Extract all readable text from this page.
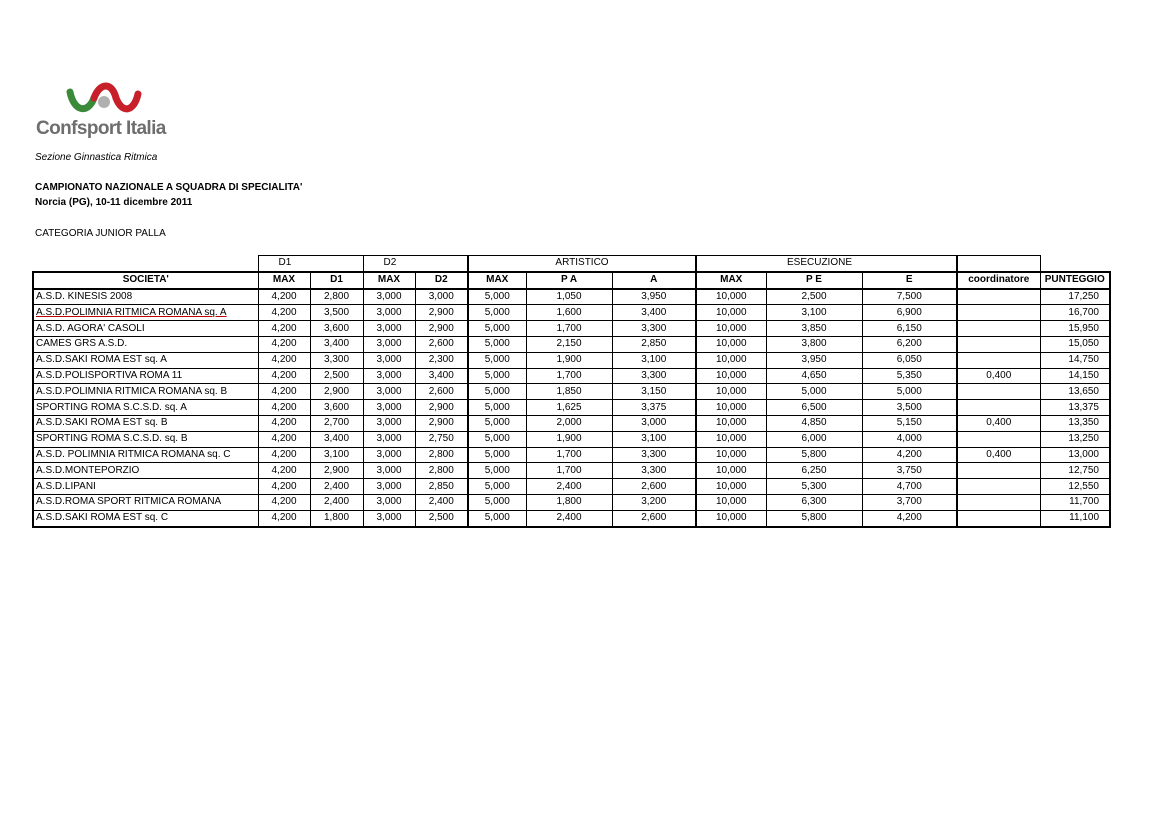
Confsport Italia
Sezione Ginnastica Ritmica
CAMPIONATO NAZIONALE A SQUADRA DI SPECIALITA'
Norcia (PG), 10-11 dicembre 2011
CATEGORIA JUNIOR PALLA
	D1		D2		ARTISTICO			ESECUZIONE				
SOCIETA'	MAX	D1	MAX	D2	MAX	P A	A	MAX	P E	E	coordinatore	PUNTEGGIO
A.S.D. KINESIS 2008	4,200	2,800	3,000	3,000	5,000	1,050	3,950	10,000	2,500	7,500		17,250
A.S.D.POLIMNIA RITMICA ROMANA sq. A	4,200	3,500	3,000	2,900	5,000	1,600	3,400	10,000	3,100	6,900		16,700
A.S.D. AGORA' CASOLI	4,200	3,600	3,000	2,900	5,000	1,700	3,300	10,000	3,850	6,150		15,950
CAMES GRS A.S.D.	4,200	3,400	3,000	2,600	5,000	2,150	2,850	10,000	3,800	6,200		15,050
A.S.D.SAKI ROMA EST sq. A	4,200	3,300	3,000	2,300	5,000	1,900	3,100	10,000	3,950	6,050		14,750
A.S.D.POLISPORTIVA ROMA 11	4,200	2,500	3,000	3,400	5,000	1,700	3,300	10,000	4,650	5,350	0,400	14,150
A.S.D.POLIMNIA RITMICA ROMANA sq. B	4,200	2,900	3,000	2,600	5,000	1,850	3,150	10,000	5,000	5,000		13,650
SPORTING ROMA S.C.S.D. sq. A	4,200	3,600	3,000	2,900	5,000	1,625	3,375	10,000	6,500	3,500		13,375
A.S.D.SAKI ROMA EST sq. B	4,200	2,700	3,000	2,900	5,000	2,000	3,000	10,000	4,850	5,150	0,400	13,350
SPORTING ROMA S.C.S.D. sq. B	4,200	3,400	3,000	2,750	5,000	1,900	3,100	10,000	6,000	4,000		13,250
A.S.D. POLIMNIA RITMICA ROMANA sq. C	4,200	3,100	3,000	2,800	5,000	1,700	3,300	10,000	5,800	4,200	0,400	13,000
A.S.D.MONTEPORZIO	4,200	2,900	3,000	2,800	5,000	1,700	3,300	10,000	6,250	3,750		12,750
A.S.D.LIPANI	4,200	2,400	3,000	2,850	5,000	2,400	2,600	10,000	5,300	4,700		12,550
A.S.D.ROMA SPORT RITMICA ROMANA	4,200	2,400	3,000	2,400	5,000	1,800	3,200	10,000	6,300	3,700		11,700
A.S.D.SAKI ROMA EST sq. C	4,200	1,800	3,000	2,500	5,000	2,400	2,600	10,000	5,800	4,200		11,100
